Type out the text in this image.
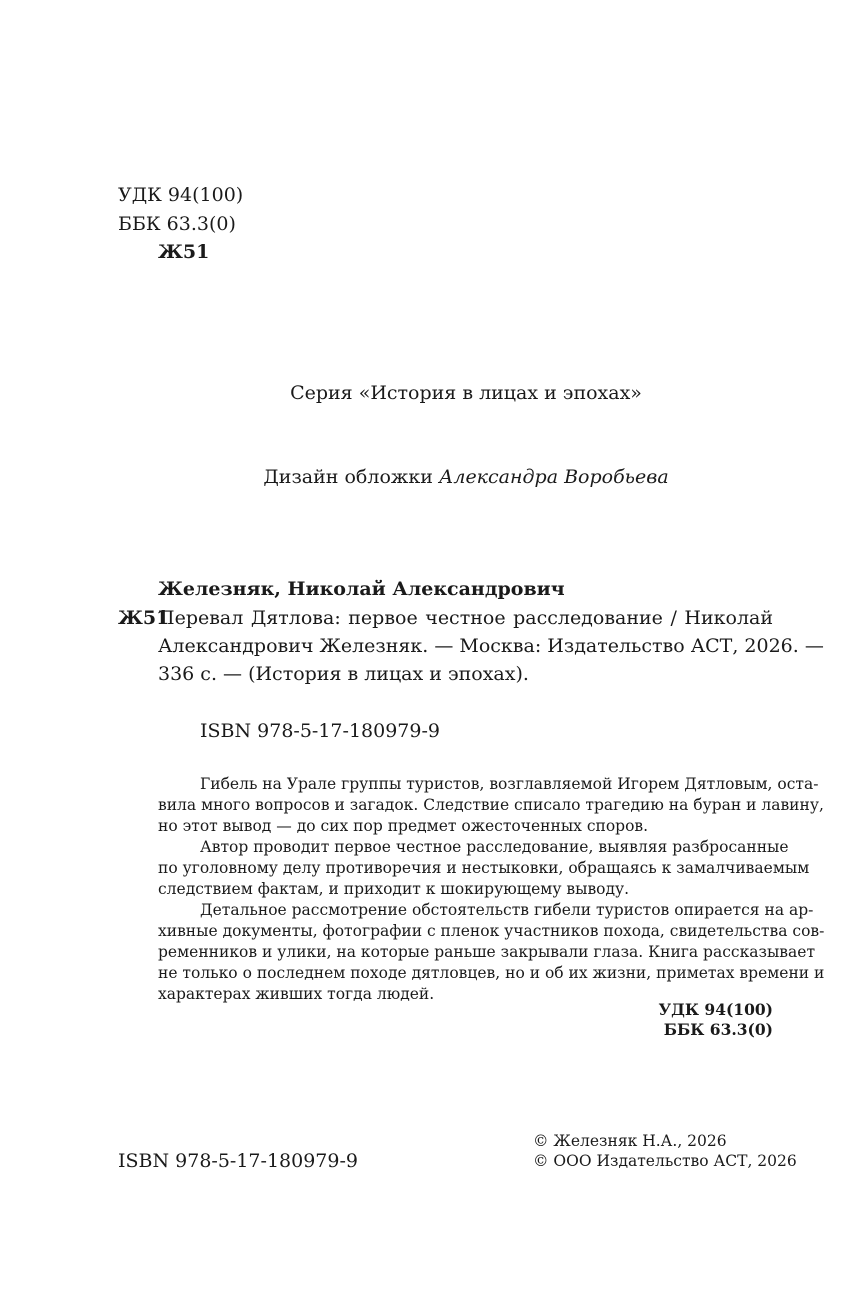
УДК 94(100)
ББК 63.3(0)
Ж51
Серия «История в лицах и эпохах»
Дизайн обложки Александра Воробьева
Железняк, Николай Александрович
Ж51
Перевал Дятлова: первое честное расследование / Николай
Александрович Железняк. — Москва: Издательство АСТ, 2026. —
336 с. — (История в лицах и эпохах).
ISBN 978-5-17-180979-9
Гибель на Урале группы туристов, возглавляемой Игорем Дятловым, оста-
вила много вопросов и загадок. Следствие списало трагедию на буран и лавину,
но этот вывод — до сих пор предмет ожесточенных споров.
Автор проводит первое честное расследование, выявляя разбросанные
по уголовному делу противоречия и нестыковки, обращаясь к замалчиваемым
следствием фактам, и приходит к шокирующему выводу.
Детальное рассмотрение обстоятельств гибели туристов опирается на ар-
хивные документы, фотографии с пленок участников похода, свидетельства сов-
ременников и улики, на которые раньше закрывали глаза. Книга рассказывает
не только о последнем походе дятловцев, но и об их жизни, приметах времени и
характерах живших тогда людей.
УДК 94(100)
ББК 63.3(0)
ISBN 978-5-17-180979-9
© Железняк Н.А., 2026
© ООО Издательство АСТ, 2026
